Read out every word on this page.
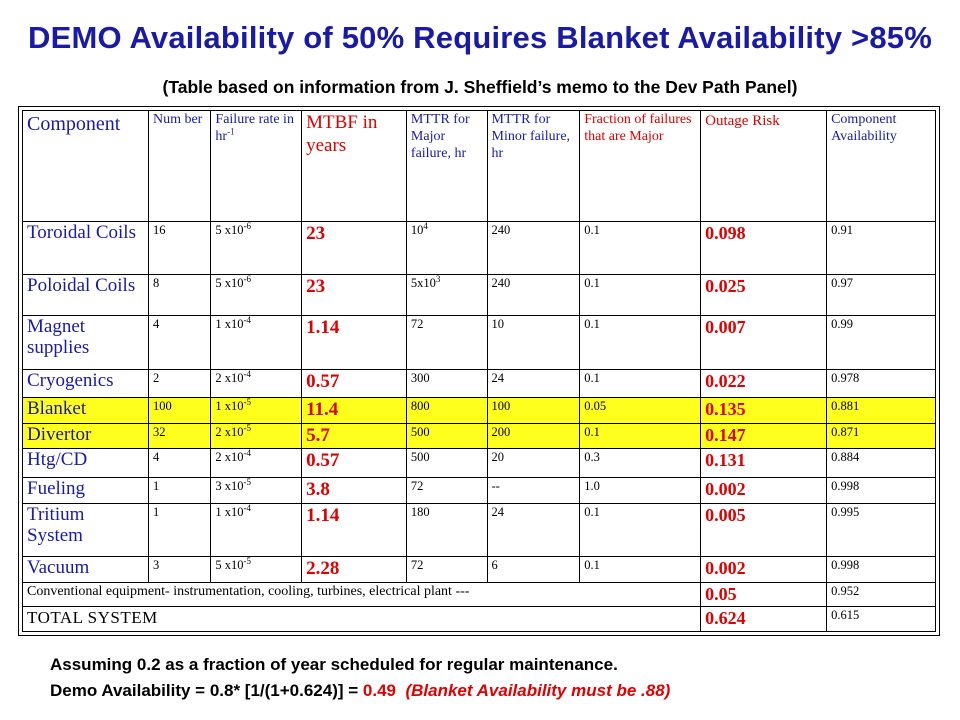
DEMO Availability of 50% Requires Blanket Availability >85%
(Table based on information from J. Sheffield’s memo to the Dev Path Panel)
Component	Num ber	Failure rate in $hr^{-1}$	MTBF in years	MTTR for Major failure, hr	MTTR for Minor failure, hr	Fraction of failures that are Major	Outage Risk	Component Availability
Toroidal Coils	16	5 $x10^{-6}$	23	$10^4$	240	0.1	0.098	0.91
Poloidal Coils	8	5 $x10^{-6}$	23	$5x10^3$	240	0.1	0.025	0.97
Magnet supplies	4	1 $x10^{-4}$	1.14	72	10	0.1	0.007	0.99
Cryogenics	2	2 $x10^{-4}$	0.57	300	24	0.1	0.022	0.978
Blanket	100	1 $x10^{-5}$	11.4	800	100	0.05	0.135	0.881
Divertor	32	2 $x10^{-5}$	5.7	500	200	0.1	0.147	0.871
Htg/CD	4	2 $x10^{-4}$	0.57	500	20	0.3	0.131	0.884
Fueling	1	3 $x10^{-5}$	3.8	72	--	1.0	0.002	0.998
Tritium System	1	1 $x10^{-4}$	1.14	180	24	0.1	0.005	0.995
Vacuum	3	5 $x10^{-5}$	2.28	72	6	0.1	0.002	0.998
Conventional equipment- instrumentation, cooling, turbines, electrical plant ---							0.05	0.952
TOTAL SYSTEM							0.624	0.615
Assuming 0.2 as a fraction of year scheduled for regular maintenance.
Demo Availability = 0.8* [1/(1+0.624)] = 0.49 (Blanket Availability must be .88)
